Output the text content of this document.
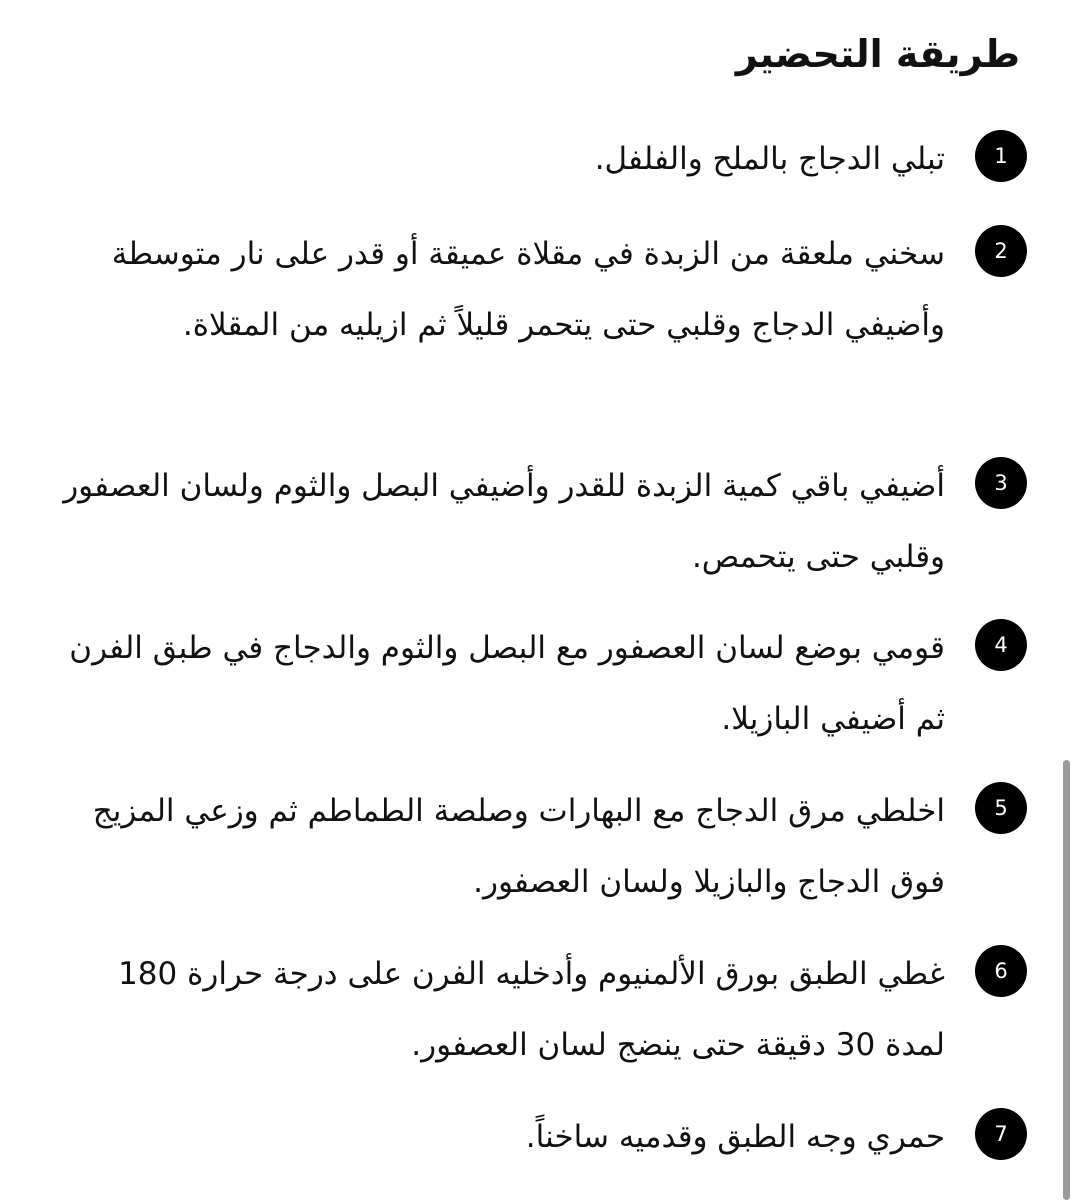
طريقة التحضير
1

تبلي الدجاج بالملح والفلفل.

2

سخني ملعقة من الزبدة في مقلاة عميقة أو قدر على نار متوسطة وأضيفي الدجاج وقلبي حتى يتحمر قليلاً ثم ازيليه من المقلاة.

3

أضيفي باقي كمية الزبدة للقدر وأضيفي البصل والثوم ولسان العصفور وقلبي حتى يتحمص.

4

قومي بوضع لسان العصفور مع البصل والثوم والدجاج في طبق الفرن ثم أضيفي البازيلا.

5

اخلطي مرق الدجاج مع البهارات وصلصة الطماطم ثم وزعي المزيج فوق الدجاج والبازيلا ولسان العصفور.

6

غطي الطبق بورق الألمنيوم وأدخليه الفرن على درجة حرارة 180 لمدة 30 دقيقة حتى ينضج لسان العصفور.

7

حمري وجه الطبق وقدميه ساخناً.
